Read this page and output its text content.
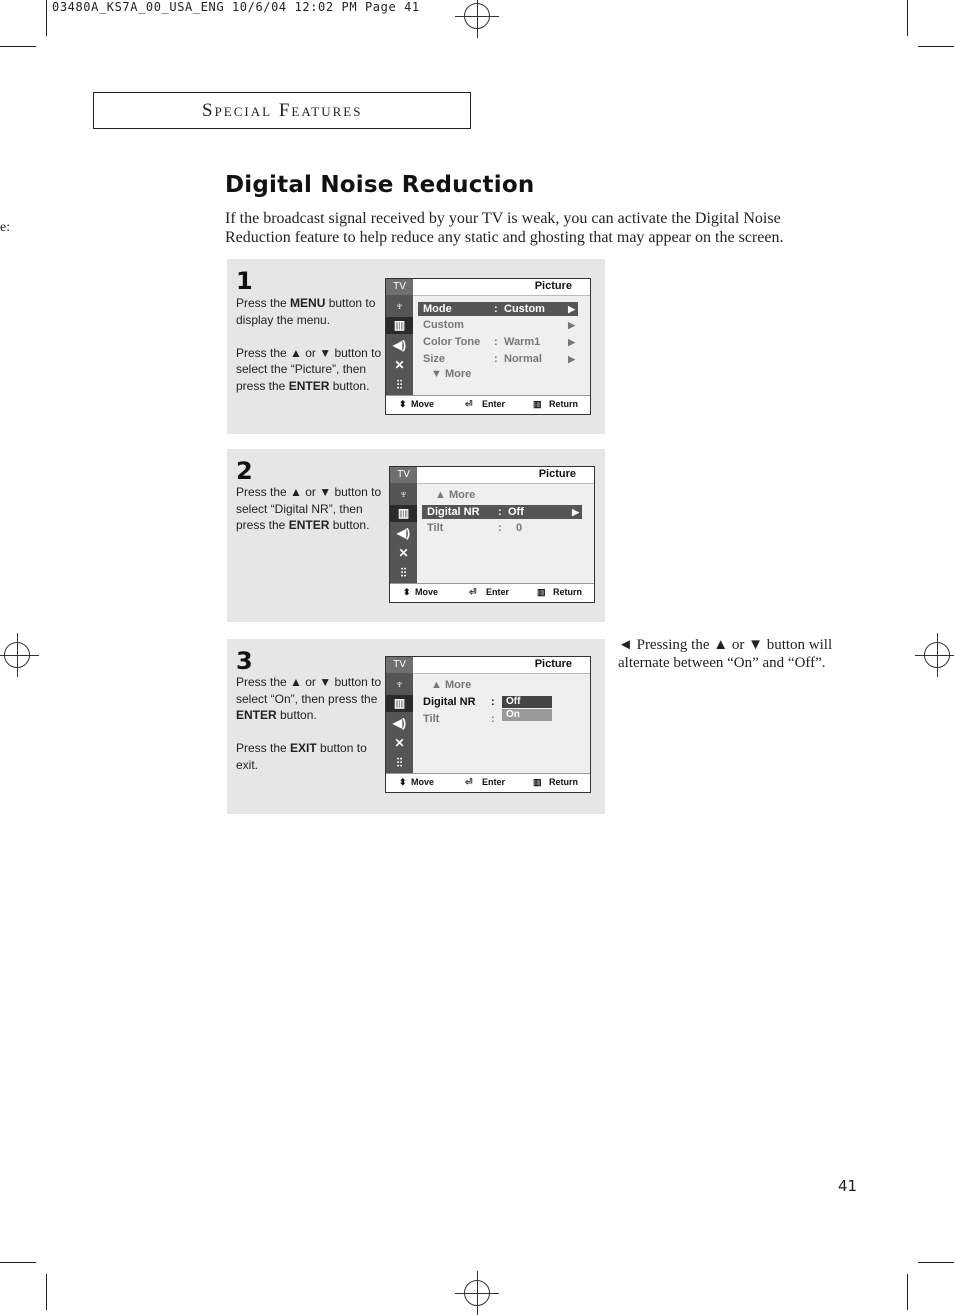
03480A_KS7A_00_USA_ENG 10/6/04 12:02 PM Page 41
e:
Special Features
Digital Noise Reduction
If the broadcast signal received by your TV is weak, you can activate the Digital Noise Reduction feature to help reduce any static and ghosting that may appear on the screen.
1

Press the MENU button to display the menu.

Press the ▲ or ▼ button to select the “Picture”, then press the ENTER button.

TV
♆
▥
◀)
✕
⫶⫶
Picture
Mode	: Custom	▶
Custom	▶
Color Tone : Warm1	▶
Size	: Normal	▶
▼ More
⬍ Move	⏎ Enter	▥ Return
2

Press the ▲ or ▼ button to select “Digital NR”, then press the ENTER button.

TV
♆
▥
◀)
✕
⫶⫶
Picture
▲ More
Digital NR : Off	▶
Tilt	: 0
⬍ Move	⏎ Enter	▥ Return
3

Press the ▲ or ▼ button to select “On”, then press the ENTER button.

Press the EXIT button to exit.

TV
♆
▥
◀)
✕
⫶⫶
Picture
▲ More
Digital NR :
Tilt	:
Off
On
⬍ Move	⏎ Enter	▥ Return
◄ Pressing the ▲ or ▼ button will alternate between “On” and “Off”.
41
